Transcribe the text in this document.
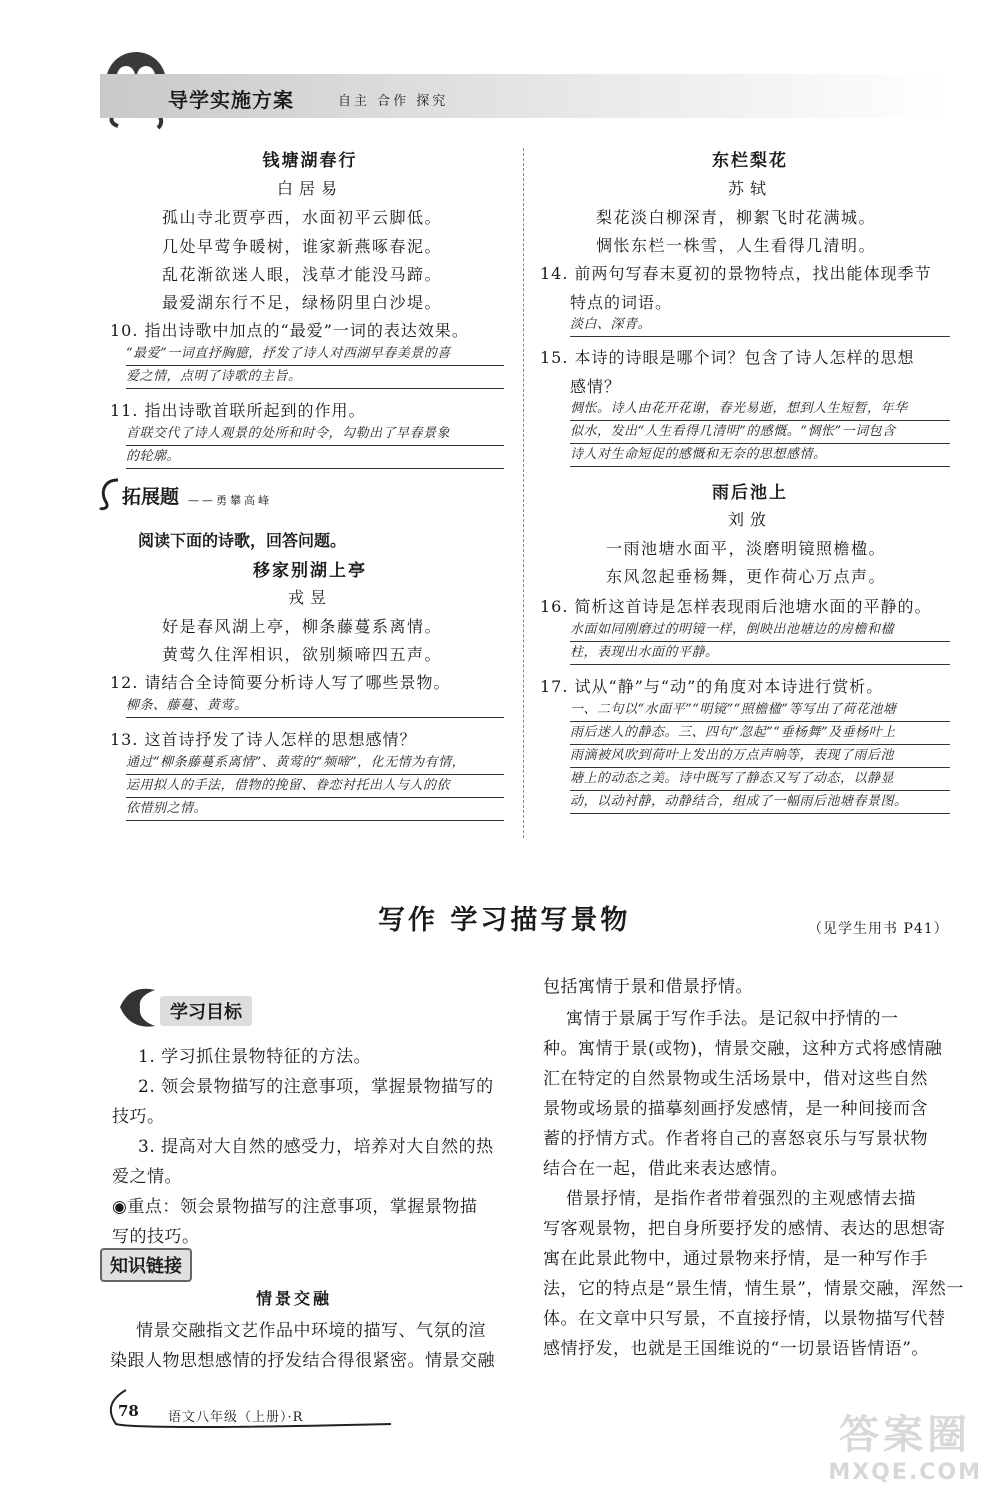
导学实施方案	自主 合作 探究
钱塘湖春行
白居易
孤山寺北贾亭西，水面初平云脚低。
几处早莺争暖树，谁家新燕啄春泥。
乱花渐欲迷人眼，浅草才能没马蹄。
最爱湖东行不足，绿杨阴里白沙堤。
10. 指出诗歌中加点的“最爱”一词的表达效果。
“最爱”一词直抒胸臆，抒发了诗人对西湖早春美景的喜
爱之情，点明了诗歌的主旨。
11. 指出诗歌首联所起到的作用。
首联交代了诗人观景的处所和时令，勾勒出了早春景象
的轮廓。
拓展题 ——勇攀高峰
阅读下面的诗歌，回答问题。
移家别湖上亭
戎昱
好是春风湖上亭，柳条藤蔓系离情。
黄莺久住浑相识，欲别频啼四五声。
12. 请结合全诗简要分析诗人写了哪些景物。
柳条、藤蔓、黄莺。
13. 这首诗抒发了诗人怎样的思想感情？
通过“柳条藤蔓系离情”、黄莺的“频啼”，化无情为有情，
运用拟人的手法，借物的挽留、眷恋衬托出人与人的依
依惜别之情。
东栏梨花
苏轼
梨花淡白柳深青，柳絮飞时花满城。
惆怅东栏一株雪，人生看得几清明。
14. 前两句写春末夏初的景物特点，找出能体现季节
特点的词语。
淡白、深青。
15. 本诗的诗眼是哪个词？包含了诗人怎样的思想
感情？
惆怅。诗人由花开花谢，春光易逝，想到人生短暂，年华
似水，发出“人生看得几清明”的感慨。“惆怅”一词包含
诗人对生命短促的感慨和无奈的思想感情。
雨后池上
刘攽
一雨池塘水面平，淡磨明镜照檐楹。
东风忽起垂杨舞，更作荷心万点声。
16. 简析这首诗是怎样表现雨后池塘水面的平静的。
水面如同刚磨过的明镜一样，倒映出池塘边的房檐和楹
柱，表现出水面的平静。
17. 试从“静”与“动”的角度对本诗进行赏析。
一、二句以“水面平”“明镜”“照檐楹”等写出了荷花池塘
雨后迷人的静态。三、四句“忽起”“垂杨舞”及垂杨叶上
雨滴被风吹到荷叶上发出的万点声响等，表现了雨后池
塘上的动态之美。诗中既写了静态又写了动态，以静显
动，以动衬静，动静结合，组成了一幅雨后池塘春景图。
写作 学习描写景物	（见学生用书 P41）
学习目标
1. 学习抓住景物特征的方法。
2. 领会景物描写的注意事项，掌握景物描写的
技巧。
3. 提高对大自然的感受力，培养对大自然的热
爱之情。
◉重点：领会景物描写的注意事项，掌握景物描
写的技巧。
知识链接
情景交融
情景交融指文艺作品中环境的描写、气氛的渲
染跟人物思想感情的抒发结合得很紧密。情景交融
包括寓情于景和借景抒情。
寓情于景属于写作手法。是记叙中抒情的一
种。寓情于景(或物)，情景交融，这种方式将感情融
汇在特定的自然景物或生活场景中，借对这些自然
景物或场景的描摹刻画抒发感情，是一种间接而含
蓄的抒情方式。作者将自己的喜怒哀乐与写景状物
结合在一起，借此来表达感情。
借景抒情，是指作者带着强烈的主观感情去描
写客观景物，把自身所要抒发的感情、表达的思想寄
寓在此景此物中，通过景物来抒情，是一种写作手
法，它的特点是“景生情，情生景”，情景交融，浑然一
体。在文章中只写景，不直接抒情，以景物描写代替
感情抒发，也就是王国维说的“一切景语皆情语”。
78 语文八年级（上册）·R	答案圈
MXQE.COM
